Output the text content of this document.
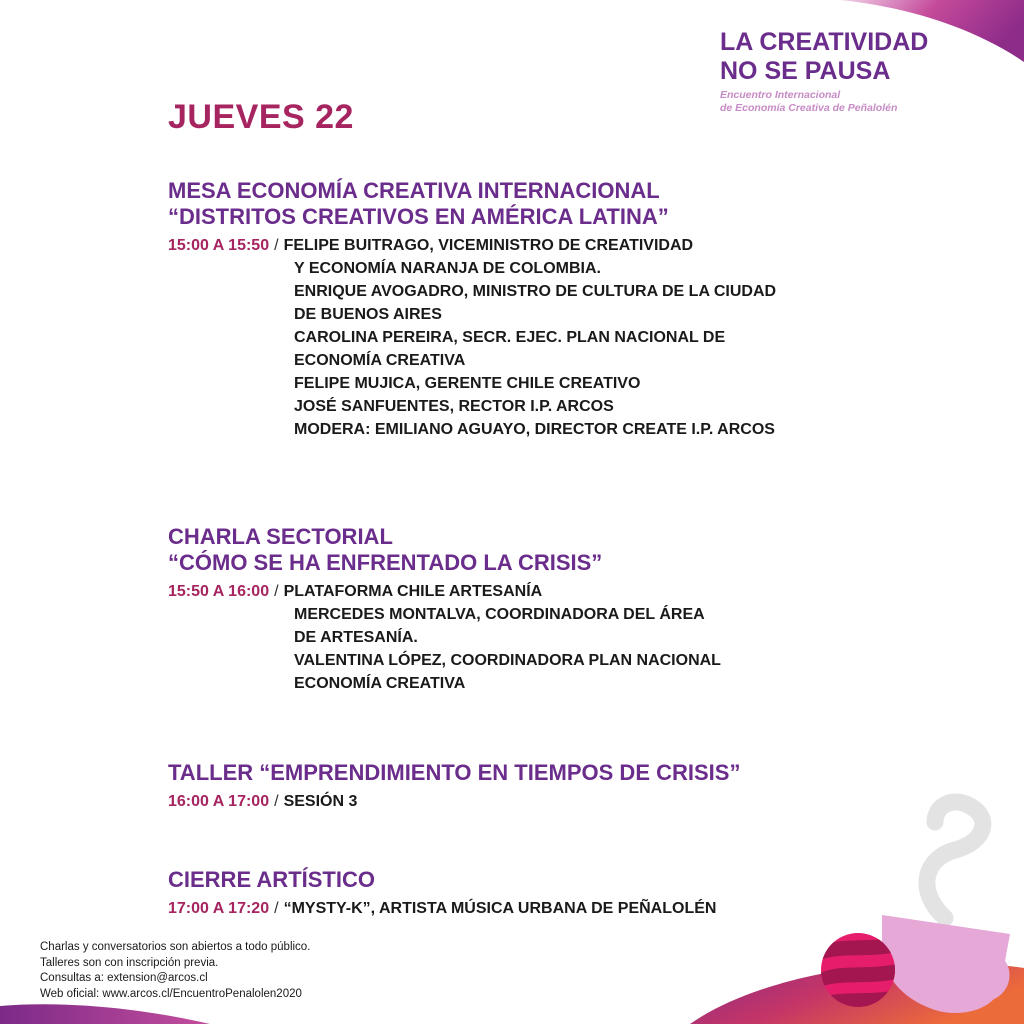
LA CREATIVIDAD
NO SE PAUSA
Encuentro Internacional
de Economía Creativa de Peñalolén
JUEVES 22
MESA ECONOMÍA CREATIVA INTERNACIONAL
“DISTRITOS CREATIVOS EN AMÉRICA LATINA”
15:00 A 15:50 / FELIPE BUITRAGO, VICEMINISTRO DE CREATIVIDAD
Y ECONOMÍA NARANJA DE COLOMBIA.
ENRIQUE AVOGADRO, MINISTRO DE CULTURA DE LA CIUDAD
DE BUENOS AIRES
CAROLINA PEREIRA, SECR. EJEC. PLAN NACIONAL DE
ECONOMÍA CREATIVA
FELIPE MUJICA, GERENTE CHILE CREATIVO
JOSÉ SANFUENTES, RECTOR I.P. ARCOS
MODERA: EMILIANO AGUAYO, DIRECTOR CREATE I.P. ARCOS
CHARLA SECTORIAL
“CÓMO SE HA ENFRENTADO LA CRISIS”
15:50 A 16:00 / PLATAFORMA CHILE ARTESANÍA
MERCEDES MONTALVA, COORDINADORA DEL ÁREA
DE ARTESANÍA.
VALENTINA LÓPEZ, COORDINADORA PLAN NACIONAL
ECONOMÍA CREATIVA
TALLER “EMPRENDIMIENTO EN TIEMPOS DE CRISIS”
16:00 A 17:00 / SESIÓN 3
CIERRE ARTÍSTICO
17:00 A 17:20 / “MYSTY-K”, ARTISTA MÚSICA URBANA DE PEÑALOLÉN
Charlas y conversatorios son abiertos a todo público.
Talleres son con inscripción previa.
Consultas a: extension@arcos.cl
Web oficial: www.arcos.cl/EncuentroPenalolen2020
